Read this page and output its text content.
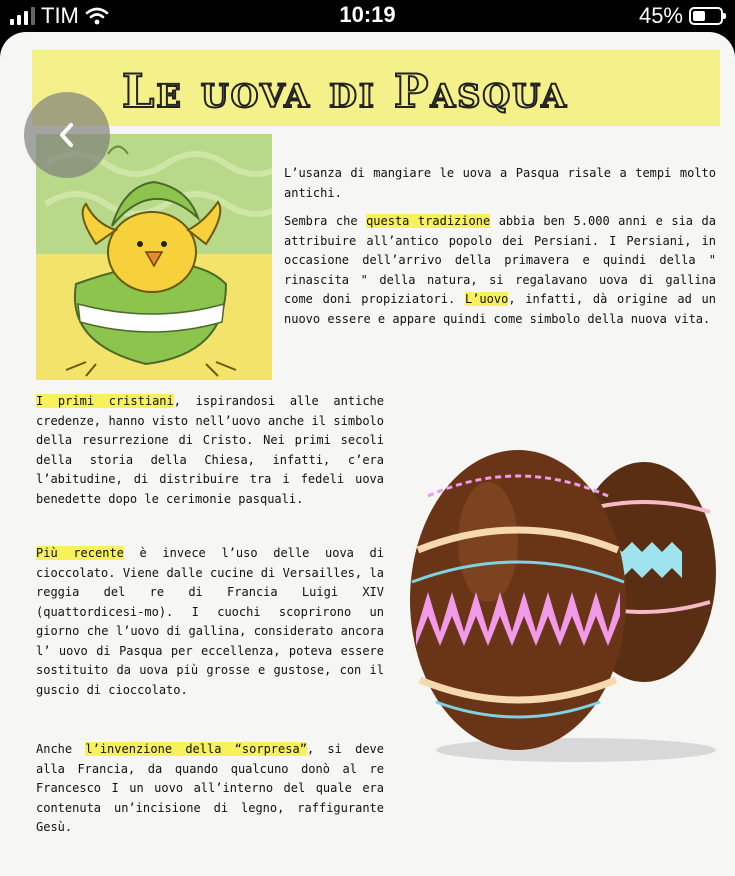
TIM	10:19	45%
Le uova di Pasqua

L’usanza di mangiare le uova a Pasqua risale a tempi molto antichi.

Sembra che questa tradizione abbia ben 5.000 anni e sia da attribuire all’antico popolo dei Persiani. I Persiani, in occasione dell’arrivo della primavera e quindi della " rinascita " della natura, si regalavano uova di gallina come doni propiziatori. L’uovo, infatti, dà origine ad un nuovo essere e appare quindi come simbolo della nuova vita.

I primi cristiani, ispirandosi alle antiche credenze, hanno visto nell’uovo anche il simbolo della resurrezione di Cristo. Nei primi secoli della storia della Chiesa, infatti, c’era l’abitudine, di distribuire tra i fedeli uova benedette dopo le cerimonie pasquali.

Più recente è invece l’uso delle uova di cioccolato. Viene dalle cucine di Versailles, la reggia del re di Francia Luigi XIV (quattordicesi-mo). I cuochi scoprirono un giorno che l’uovo di gallina, considerato ancora l’ uovo di Pasqua per eccellenza, poteva essere sostituito da uova più grosse e gustose, con il guscio di cioccolato.

Anche l’invenzione della “sorpresa”, si deve alla Francia, da quando qualcuno donò al re Francesco I un uovo all’interno del quale era contenuta un’incisione di legno, raffigurante Gesù.
